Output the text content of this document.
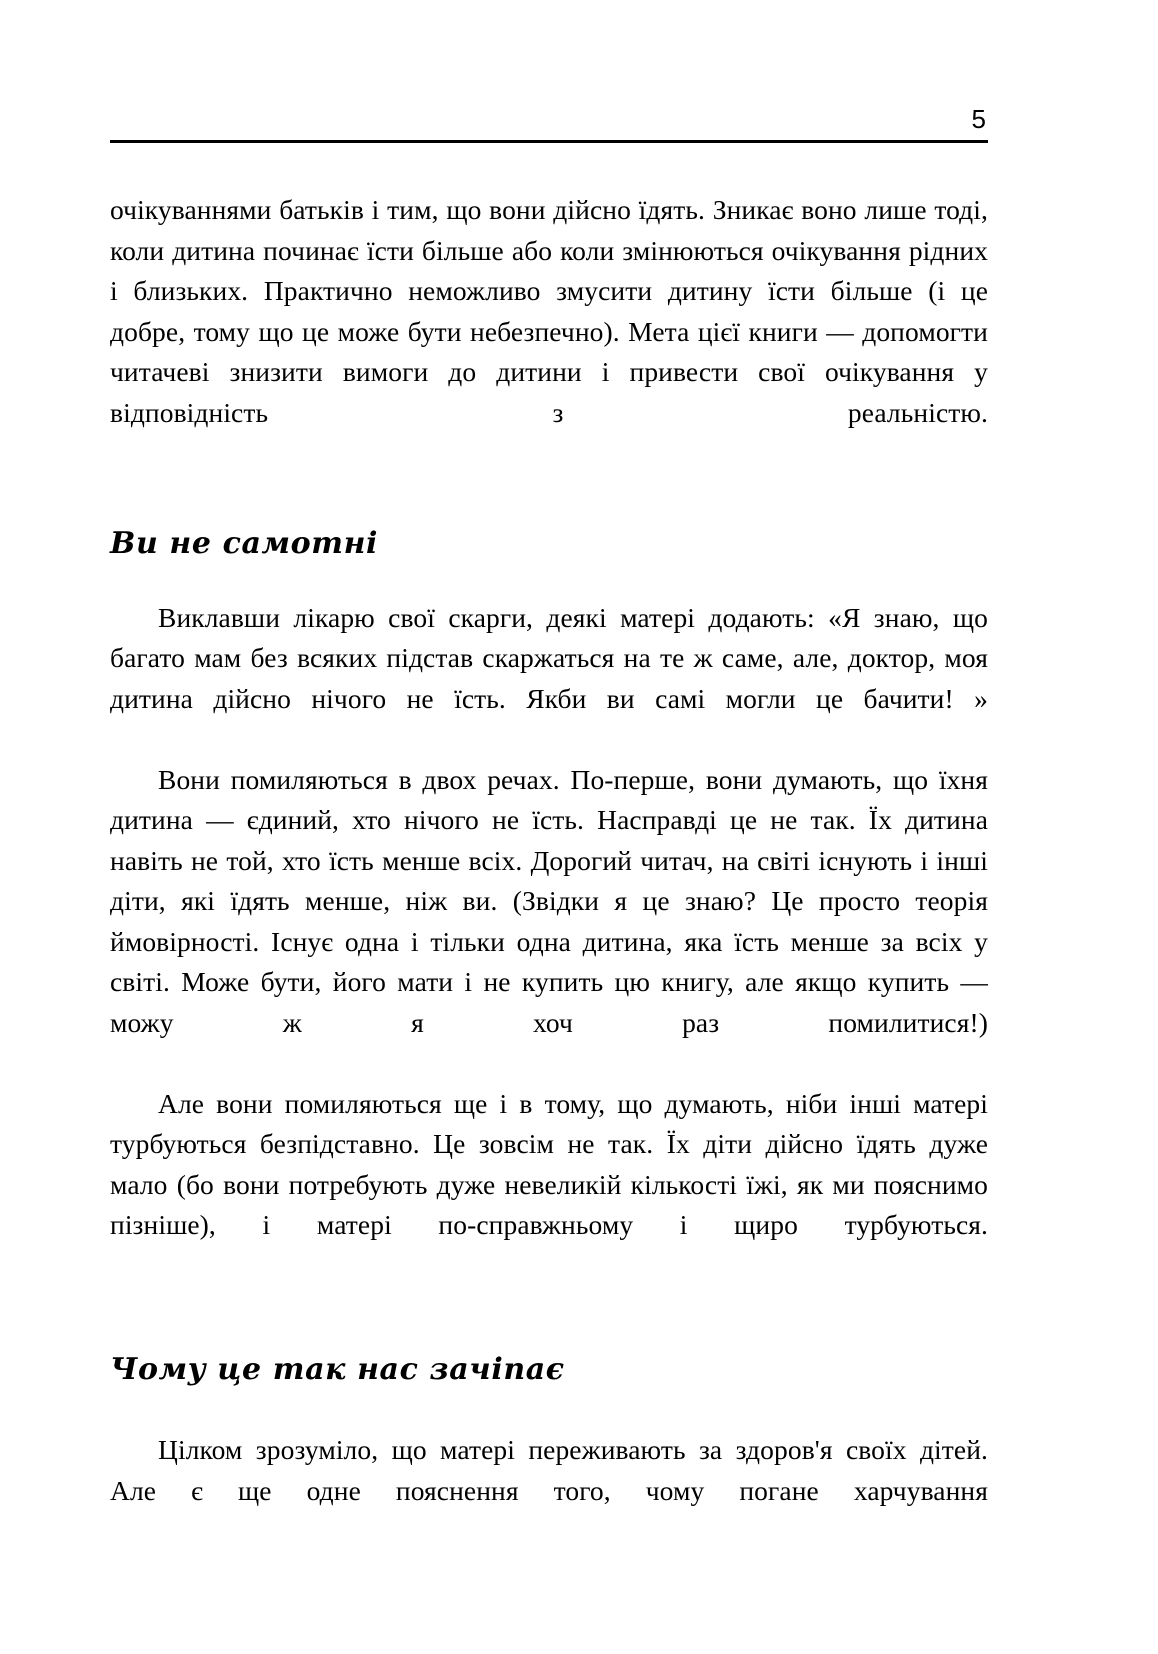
5

очікуваннями батьків і тим, що вони дійсно їдять. Зникає воно лише тоді, коли дитина починає їсти більше або коли змінюються очікування рідних і близьких. Практично неможливо змусити дитину їсти більше (і це добре, тому що це може бути небезпечно). Мета цієї книги — допомогти читачеві знизити вимоги до дитини і привести свої очікування у відповідність з реальністю.

Ви не самотні

Виклавши лікарю свої скарги, деякі матері додають: «Я знаю, що багато мам без всяких підстав скаржаться на те ж саме, але, доктор, моя дитина дійсно нічого не їсть. Якби ви самі могли це бачити! »

Вони помиляються в двох речах. По-перше, вони думають, що їхня дитина — єдиний, хто нічого не їсть. Насправді це не так. Їх дитина навіть не той, хто їсть менше всіх. Дорогий читач, на світі існують і інші діти, які їдять менше, ніж ви. (Звідки я це знаю? Це просто теорія ймовірності. Існує одна і тільки одна дитина, яка їсть менше за всіх у світі. Може бути, його мати і не купить цю книгу, але якщо купить — можу ж я хоч раз помилитися!)

Але вони помиляються ще і в тому, що думають, ніби інші матері турбуються безпідставно. Це зовсім не так. Їх діти дійсно їдять дуже мало (бо вони потребують дуже невеликій кількості їжі, як ми пояснимо пізніше), і матері по-справжньому і щиро турбуються.

Чому це так нас зачіпає

Цілком зрозуміло, що матері переживають за здоров'я своїх дітей. Але є ще одне пояснення того, чому погане харчування
